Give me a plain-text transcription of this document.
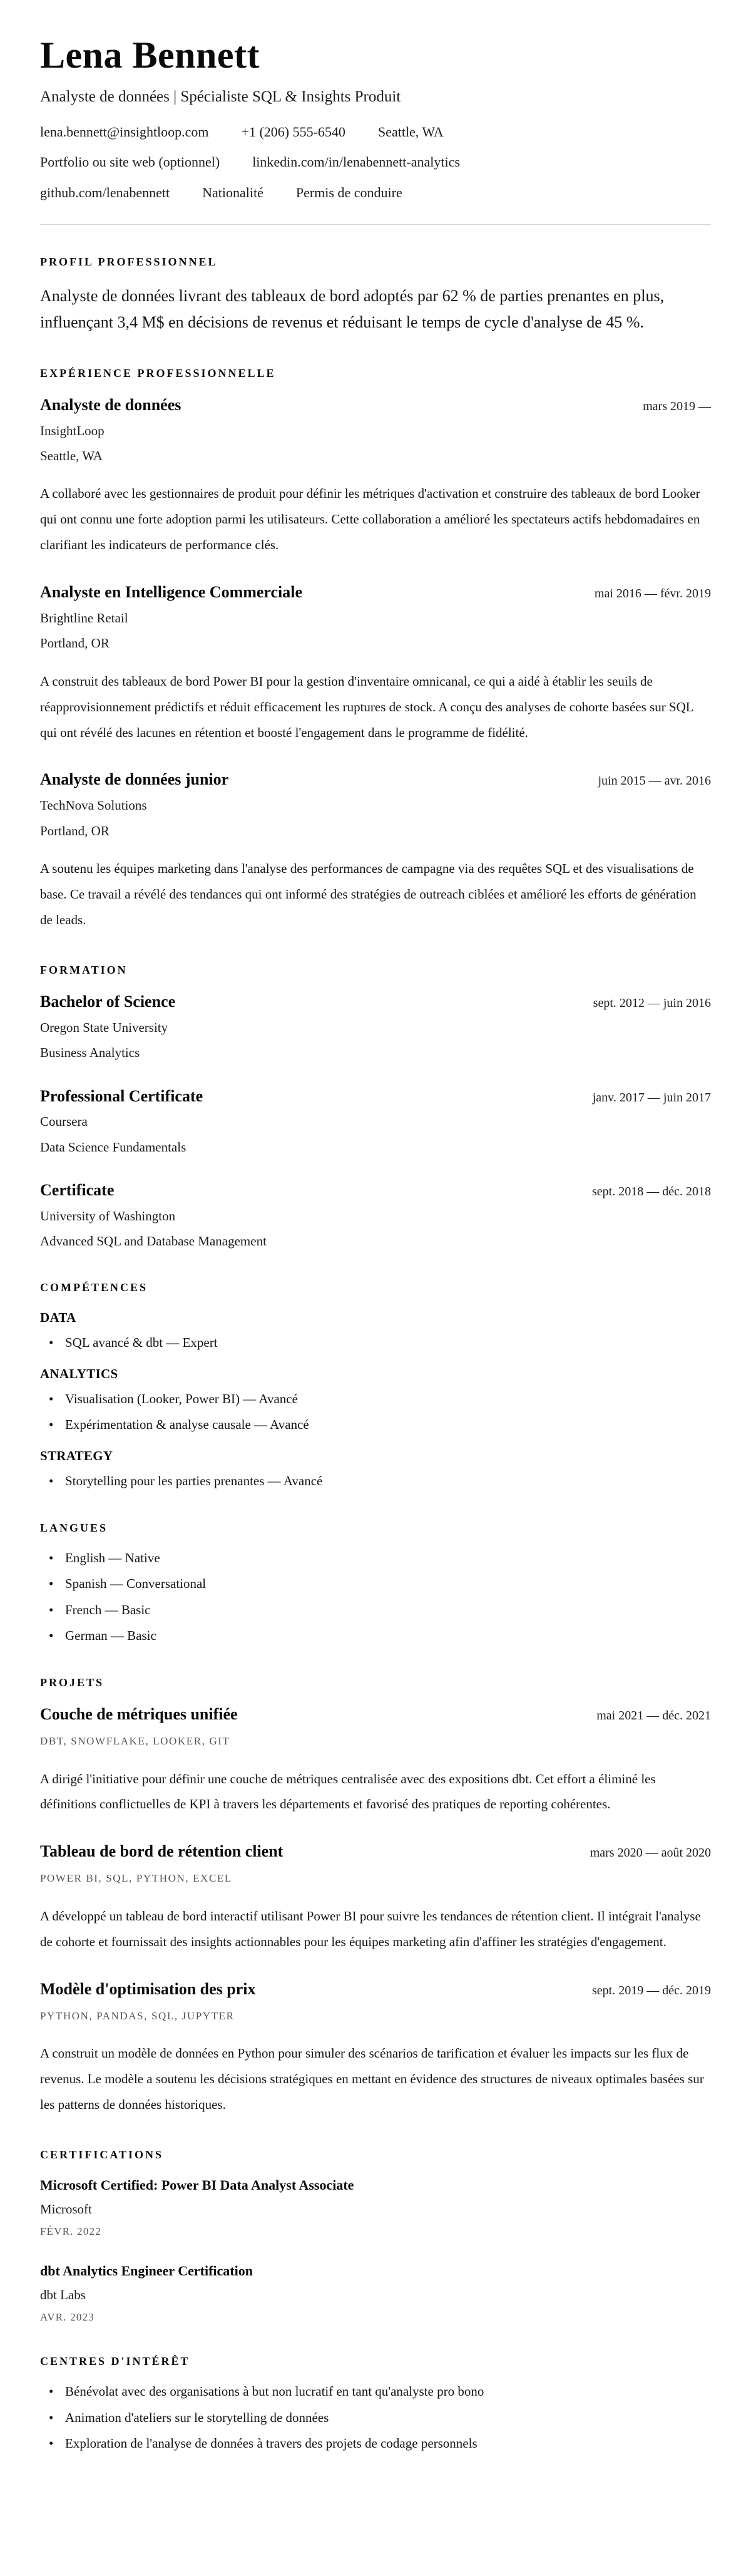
Lena Bennett

Analyste de données | Spécialiste SQL & Insights Produit

lena.bennett@insightloop.com +1 (206) 555-6540 Seattle, WA
Portfolio ou site web (optionnel) linkedin.com/in/lenabennett-analytics
github.com/lenabennett Nationalité Permis de conduire
PROFIL PROFESSIONNEL

Analyste de données livrant des tableaux de bord adoptés par 62 % de parties prenantes en plus, influençant 3,4 M$ en décisions de revenus et réduisant le temps de cycle d'analyse de 45 %.

EXPÉRIENCE PROFESSIONNELLE
Analyste de données	mars 2019 —

InsightLoop

Seattle, WA

A collaboré avec les gestionnaires de produit pour définir les métriques d'activation et construire des tableaux de bord Looker qui ont connu une forte adoption parmi les utilisateurs. Cette collaboration a amélioré les spectateurs actifs hebdomadaires en clarifiant les indicateurs de performance clés.

Analyste en Intelligence Commerciale	mai 2016 — févr. 2019

Brightline Retail

Portland, OR

A construit des tableaux de bord Power BI pour la gestion d'inventaire omnicanal, ce qui a aidé à établir les seuils de réapprovisionnement prédictifs et réduit efficacement les ruptures de stock. A conçu des analyses de cohorte basées sur SQL qui ont révélé des lacunes en rétention et boosté l'engagement dans le programme de fidélité.

Analyste de données junior	juin 2015 — avr. 2016

TechNova Solutions

Portland, OR

A soutenu les équipes marketing dans l'analyse des performances de campagne via des requêtes SQL et des visualisations de base. Ce travail a révélé des tendances qui ont informé des stratégies de outreach ciblées et amélioré les efforts de génération de leads.

FORMATION
Bachelor of Science	sept. 2012 — juin 2016

Oregon State University

Business Analytics

Professional Certificate	janv. 2017 — juin 2017

Coursera

Data Science Fundamentals

Certificate	sept. 2018 — déc. 2018

University of Washington

Advanced SQL and Database Management

COMPÉTENCES
DATA
• SQL avancé & dbt — Expert
ANALYTICS
• Visualisation (Looker, Power BI) — Avancé
• Expérimentation & analyse causale — Avancé
STRATEGY
• Storytelling pour les parties prenantes — Avancé
LANGUES
• English — Native
• Spanish — Conversational
• French — Basic
• German — Basic
PROJETS
Couche de métriques unifiée	mai 2021 — déc. 2021

DBT, SNOWFLAKE, LOOKER, GIT

A dirigé l'initiative pour définir une couche de métriques centralisée avec des expositions dbt. Cet effort a éliminé les définitions conflictuelles de KPI à travers les départements et favorisé des pratiques de reporting cohérentes.

Tableau de bord de rétention client	mars 2020 — août 2020

POWER BI, SQL, PYTHON, EXCEL

A développé un tableau de bord interactif utilisant Power BI pour suivre les tendances de rétention client. Il intégrait l'analyse de cohorte et fournissait des insights actionnables pour les équipes marketing afin d'affiner les stratégies d'engagement.

Modèle d'optimisation des prix	sept. 2019 — déc. 2019

PYTHON, PANDAS, SQL, JUPYTER

A construit un modèle de données en Python pour simuler des scénarios de tarification et évaluer les impacts sur les flux de revenus. Le modèle a soutenu les décisions stratégiques en mettant en évidence des structures de niveaux optimales basées sur les patterns de données historiques.

CERTIFICATIONS
Microsoft Certified: Power BI Data Analyst Associate

Microsoft

FÉVR. 2022

dbt Analytics Engineer Certification

dbt Labs

AVR. 2023

CENTRES D'INTÉRÊT
• Bénévolat avec des organisations à but non lucratif en tant qu'analyste pro bono
• Animation d'ateliers sur le storytelling de données
• Exploration de l'analyse de données à travers des projets de codage personnels
